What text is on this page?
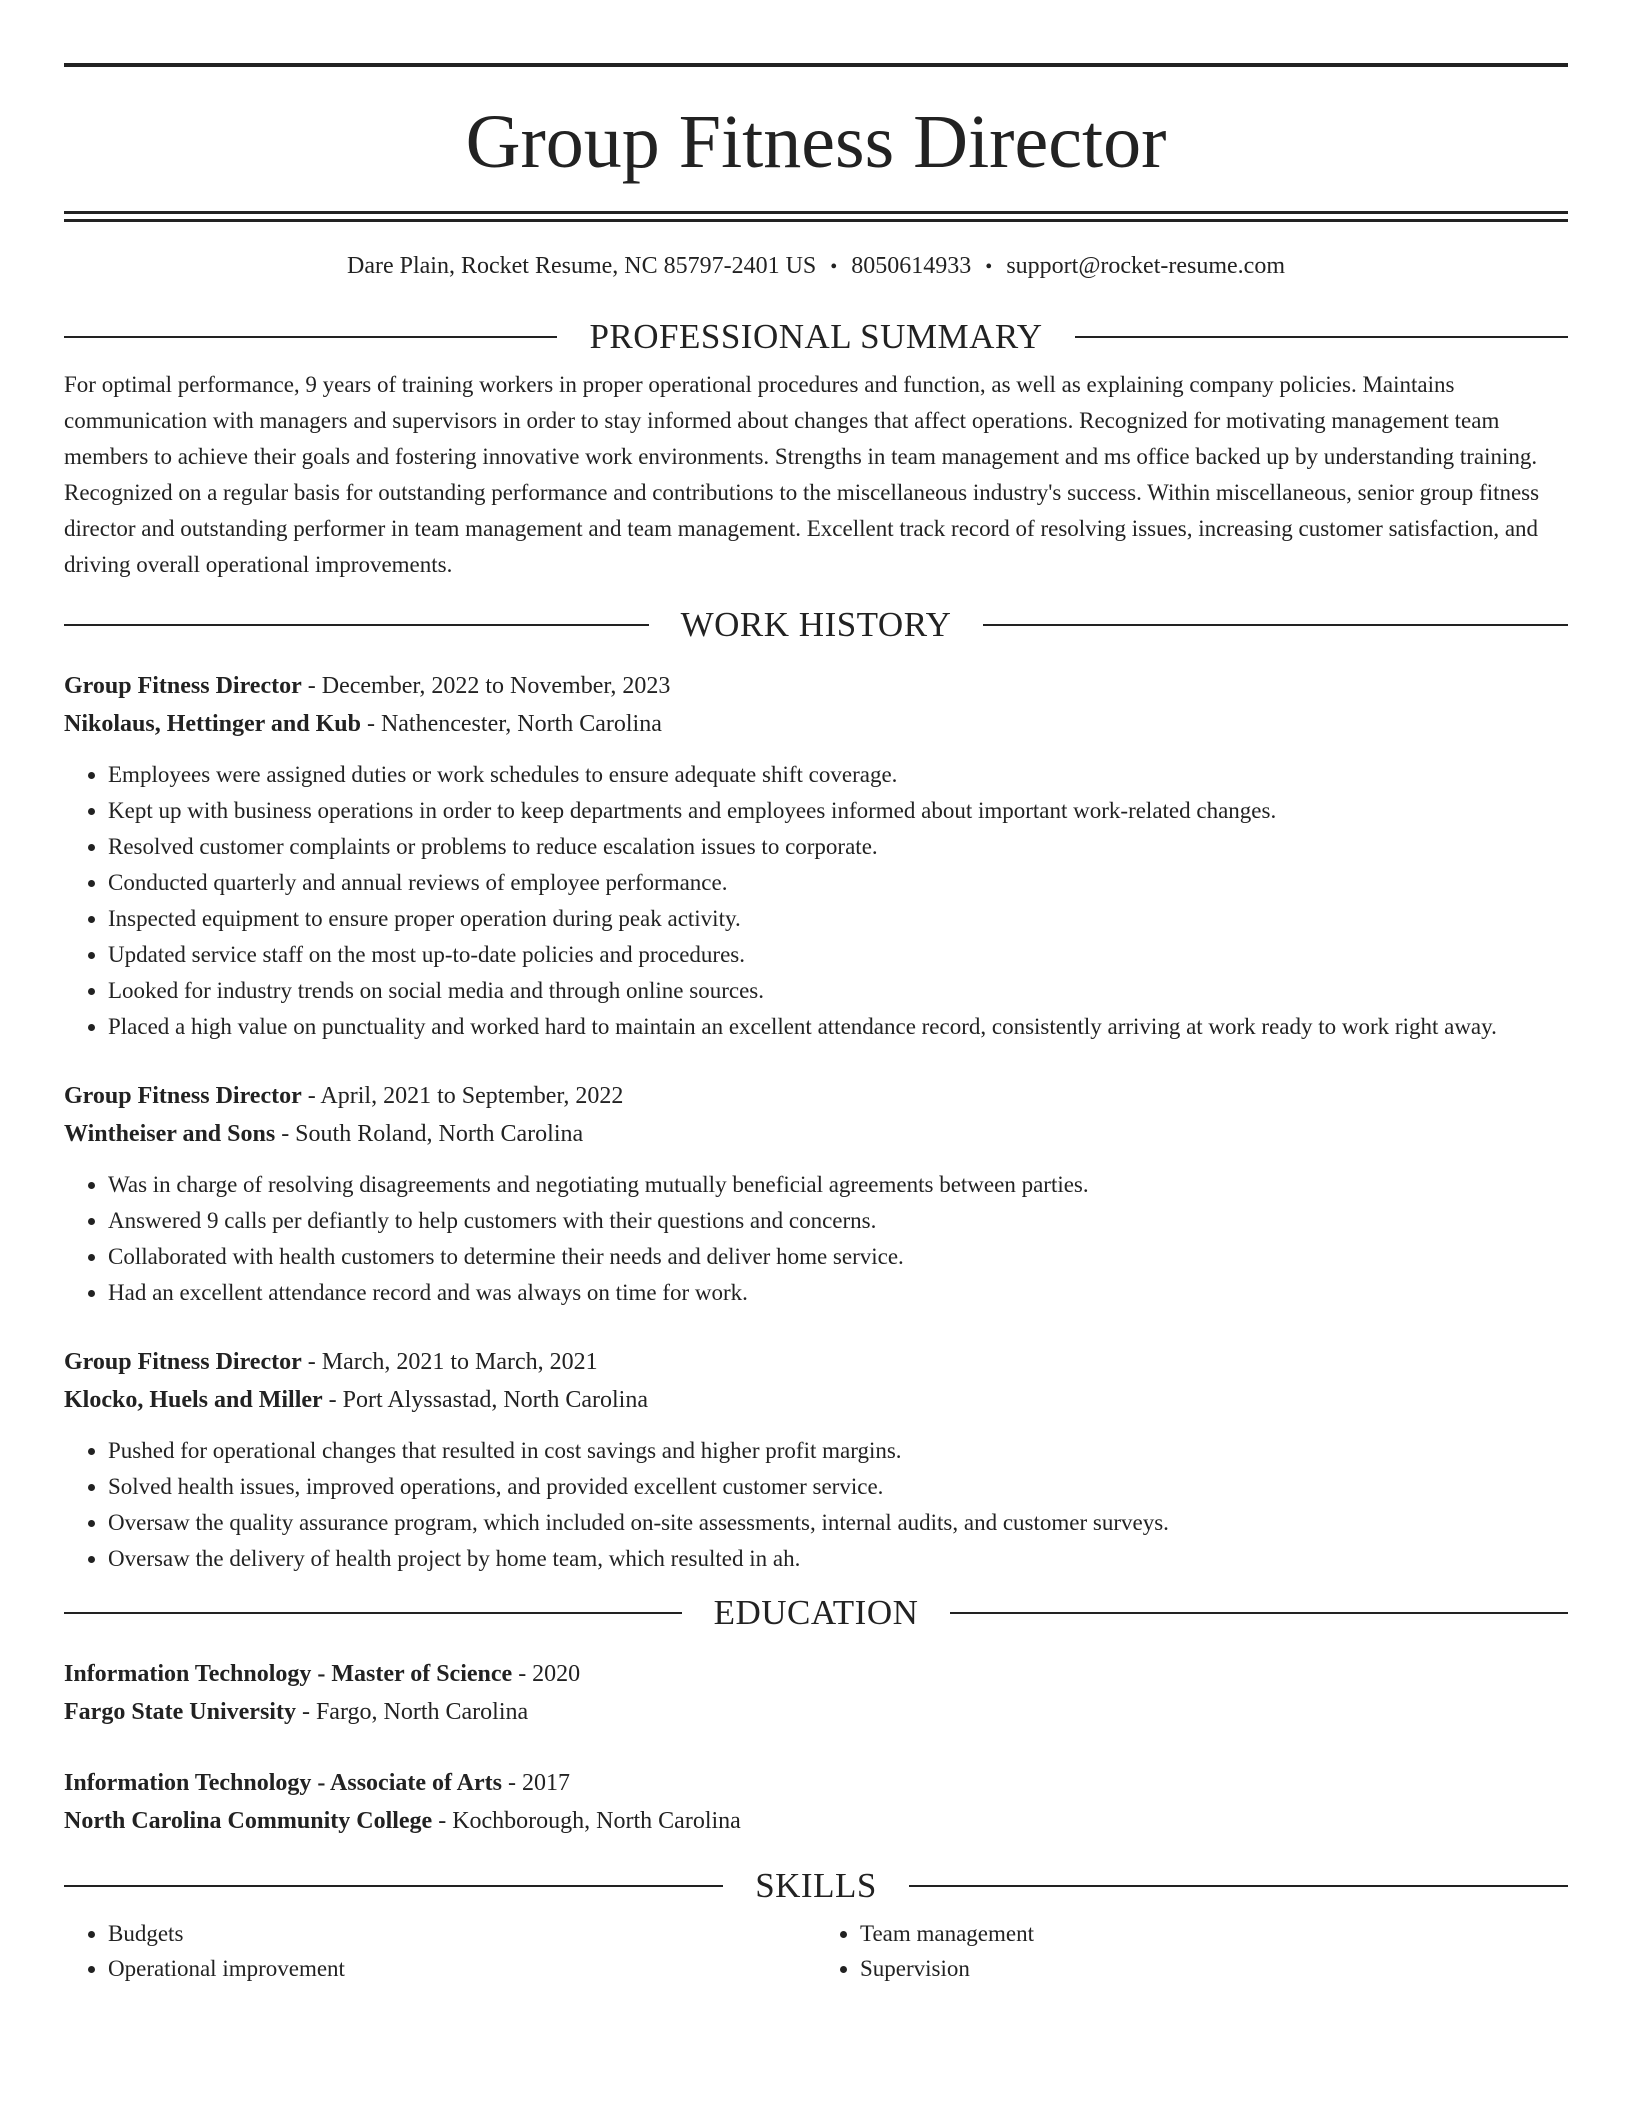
Group Fitness Director
Dare Plain, Rocket Resume, NC 85797-2401 US • 8050614933 • support@rocket-resume.com
PROFESSIONAL SUMMARY
For optimal performance, 9 years of training workers in proper operational procedures and function, as well as explaining company policies. Maintains communication with managers and supervisors in order to stay informed about changes that affect operations. Recognized for motivating management team members to achieve their goals and fostering innovative work environments. Strengths in team management and ms office backed up by understanding training. Recognized on a regular basis for outstanding performance and contributions to the miscellaneous industry's success. Within miscellaneous, senior group fitness director and outstanding performer in team management and team management. Excellent track record of resolving issues, increasing customer satisfaction, and driving overall operational improvements.
WORK HISTORY
Group Fitness Director - December, 2022 to November, 2023
Nikolaus, Hettinger and Kub - Nathencester, North Carolina
• Employees were assigned duties or work schedules to ensure adequate shift coverage.
• Kept up with business operations in order to keep departments and employees informed about important work-related changes.
• Resolved customer complaints or problems to reduce escalation issues to corporate.
• Conducted quarterly and annual reviews of employee performance.
• Inspected equipment to ensure proper operation during peak activity.
• Updated service staff on the most up-to-date policies and procedures.
• Looked for industry trends on social media and through online sources.
• Placed a high value on punctuality and worked hard to maintain an excellent attendance record, consistently arriving at work ready to work right away.
Group Fitness Director - April, 2021 to September, 2022
Wintheiser and Sons - South Roland, North Carolina
• Was in charge of resolving disagreements and negotiating mutually beneficial agreements between parties.
• Answered 9 calls per defiantly to help customers with their questions and concerns.
• Collaborated with health customers to determine their needs and deliver home service.
• Had an excellent attendance record and was always on time for work.
Group Fitness Director - March, 2021 to March, 2021
Klocko, Huels and Miller - Port Alyssastad, North Carolina
• Pushed for operational changes that resulted in cost savings and higher profit margins.
• Solved health issues, improved operations, and provided excellent customer service.
• Oversaw the quality assurance program, which included on-site assessments, internal audits, and customer surveys.
• Oversaw the delivery of health project by home team, which resulted in ah.
EDUCATION
Information Technology - Master of Science - 2020
Fargo State University - Fargo, North Carolina
Information Technology - Associate of Arts - 2017
North Carolina Community College - Kochborough, North Carolina
SKILLS
• Budgets
• Operational improvement
• Team management
• Supervision
